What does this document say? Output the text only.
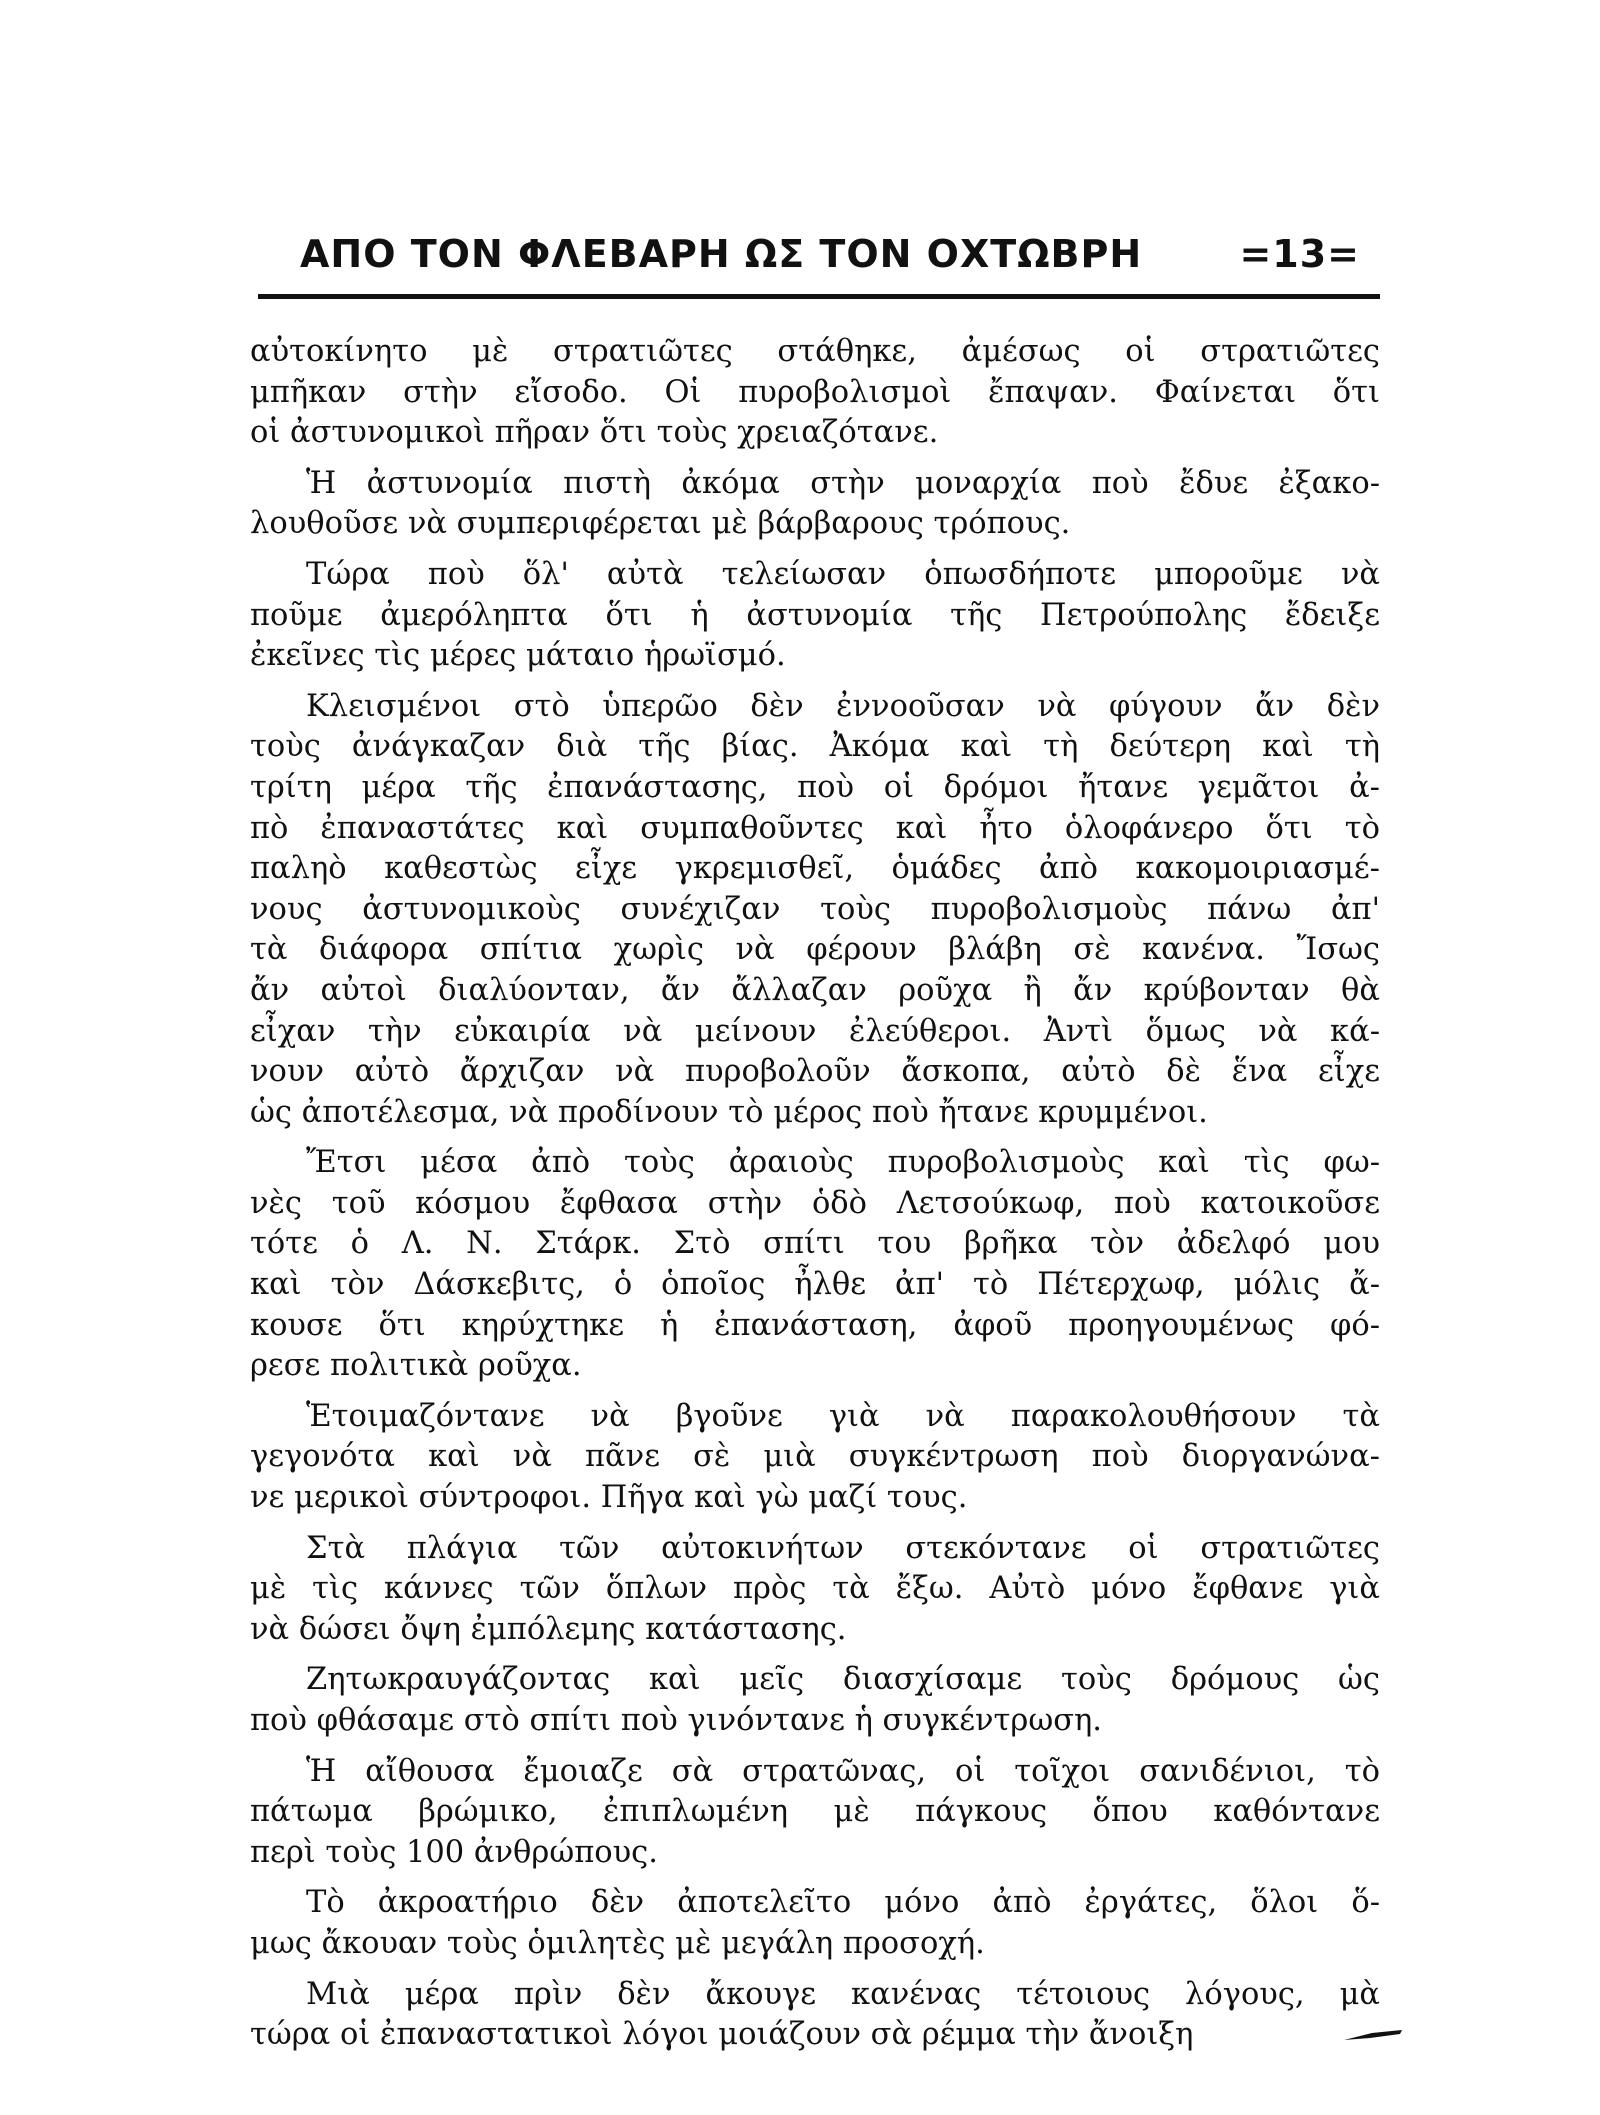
ΑΠΟ ΤΟΝ ΦΛΕΒΑΡΗ ΩΣ ΤΟΝ ΟΧΤΩΒΡΗ	=13=
αὐτοκίνητο μὲ στρατιῶτες στάθηκε, ἀμέσως οἱ στρατιῶτες
μπῆκαν στὴν εἴσοδο. Οἱ πυροβολισμοὶ ἔπαψαν. Φαίνεται ὅτι
οἱ ἀστυνομικοὶ πῆραν ὅτι τοὺς χρειαζότανε.
Ἡ ἀστυνομία πιστὴ ἀκόμα στὴν μοναρχία ποὺ ἔδυε ἐξακο-
λουθοῦσε νὰ συμπεριφέρεται μὲ βάρβαρους τρόπους.
Τώρα ποὺ ὅλ' αὐτὰ τελείωσαν ὁπωσδήποτε μποροῦμε νὰ
ποῦμε ἀμερόληπτα ὅτι ἡ ἀστυνομία τῆς Πετρούπολης ἔδειξε
ἐκεῖνες τὶς μέρες μάταιο ἡρωϊσμό.
Κλεισμένοι στὸ ὑπερῶο δὲν ἐννοοῦσαν νὰ φύγουν ἄν δὲν
τοὺς ἀνάγκαζαν διὰ τῆς βίας. Ἀκόμα καὶ τὴ δεύτερη καὶ τὴ
τρίτη μέρα τῆς ἐπανάστασης, ποὺ οἱ δρόμοι ἤτανε γεμᾶτοι ἀ-
πὸ ἐπαναστάτες καὶ συμπαθοῦντες καὶ ἦτο ὁλοφάνερο ὅτι τὸ
παληὸ καθεστὼς εἶχε γκρεμισθεῖ, ὁμάδες ἀπὸ κακομοιριασμέ-
νους ἀστυνομικοὺς συνέχιζαν τοὺς πυροβολισμοὺς πάνω ἀπ'
τὰ διάφορα σπίτια χωρὶς νὰ φέρουν βλάβη σὲ κανένα. Ἴσως
ἄν αὐτοὶ διαλύονταν, ἄν ἄλλαζαν ροῦχα ἢ ἄν κρύβονταν θὰ
εἶχαν τὴν εὐκαιρία νὰ μείνουν ἐλεύθεροι. Ἀντὶ ὅμως νὰ κά-
νουν αὐτὸ ἄρχιζαν νὰ πυροβολοῦν ἄσκοπα, αὐτὸ δὲ ἕνα εἶχε
ὡς ἀποτέλεσμα, νὰ προδίνουν τὸ μέρος ποὺ ἤτανε κρυμμένοι.
Ἔτσι μέσα ἀπὸ τοὺς ἀραιοὺς πυροβολισμοὺς καὶ τὶς φω-
νὲς τοῦ κόσμου ἔφθασα στὴν ὁδὸ Λετσούκωφ, ποὺ κατοικοῦσε
τότε ὁ Λ. Ν. Στάρκ. Στὸ σπίτι του βρῆκα τὸν ἀδελφό μου
καὶ τὸν Δάσκεβιτς, ὁ ὁποῖος ἦλθε ἀπ' τὸ Πέτερχωφ, μόλις ἄ-
κουσε ὅτι κηρύχτηκε ἡ ἐπανάσταση, ἀφοῦ προηγουμένως φό-
ρεσε πολιτικὰ ροῦχα.
Ἑτοιμαζόντανε νὰ βγοῦνε γιὰ νὰ παρακολουθήσουν τὰ
γεγονότα καὶ νὰ πᾶνε σὲ μιὰ συγκέντρωση ποὺ διοργανώνα-
νε μερικοὶ σύντροφοι. Πῆγα καὶ γὼ μαζί τους.
Στὰ πλάγια τῶν αὐτοκινήτων στεκόντανε οἱ στρατιῶτες
μὲ τὶς κάννες τῶν ὅπλων πρὸς τὰ ἔξω. Αὐτὸ μόνο ἔφθανε γιὰ
νὰ δώσει ὄψη ἐμπόλεμης κατάστασης.
Ζητωκραυγάζοντας καὶ μεῖς διασχίσαμε τοὺς δρόμους ὡς
ποὺ φθάσαμε στὸ σπίτι ποὺ γινόντανε ἡ συγκέντρωση.
Ἡ αἴθουσα ἔμοιαζε σὰ στρατῶνας, οἱ τοῖχοι σανιδένιοι, τὸ
πάτωμα βρώμικο, ἐπιπλωμένη μὲ πάγκους ὅπου καθόντανε
περὶ τοὺς 100 ἀνθρώπους.
Τὸ ἀκροατήριο δὲν ἀποτελεῖτο μόνο ἀπὸ ἐργάτες, ὅλοι ὅ-
μως ἄκουαν τοὺς ὁμιλητὲς μὲ μεγάλη προσοχή.
Μιὰ μέρα πρὶν δὲν ἄκουγε κανένας τέτοιους λόγους, μὰ
τώρα οἱ ἐπαναστατικοὶ λόγοι μοιάζουν σὰ ρέμμα τὴν ἄνοιξη
